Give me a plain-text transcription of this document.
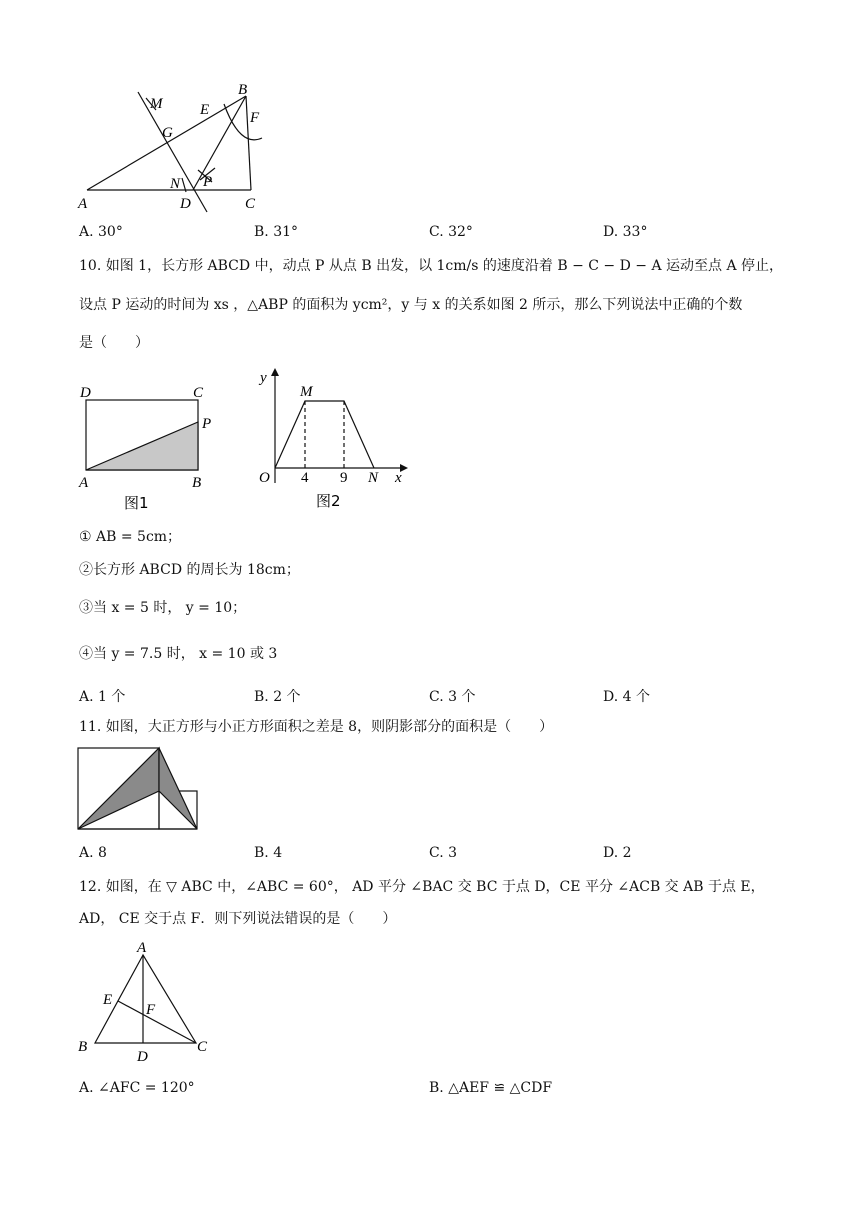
M
B
E	F
G
N P
A	D	C
A. 30°	B. 31°	C. 32°	D. 33°
10. 如图 1，长方形 ABCD 中，动点 P 从点 B 出发，以 1cm/s 的速度沿着 B − C − D − A 运动至点 A 停止，
设点 P 运动的时间为 xs ，△ABP 的面积为 ycm²，y 与 x 的关系如图 2 所示，那么下列说法中正确的个数
是（　　）
D	C
P
A	B
图1
y
M
O 4 9 N x
图2
① AB = 5cm；
②长方形 ABCD 的周长为 18cm；
③当 x = 5 时， y = 10；
④当 y = 7.5 时， x = 10 或 3
A. 1 个	B. 2 个	C. 3 个	D. 4 个
11. 如图，大正方形与小正方形面积之差是 8，则阴影部分的面积是（　　）
A. 8	B. 4	C. 3	D. 2
12. 如图，在 ▽ ABC 中，∠ABC = 60°， AD 平分 ∠BAC 交 BC 于点 D，CE 平分 ∠ACB 交 AB 于点 E，
AD， CE 交于点 F．则下列说法错误的是（　　）
A
E
F
B
D
C
A. ∠AFC = 120°	B. △AEF ≌ △CDF
